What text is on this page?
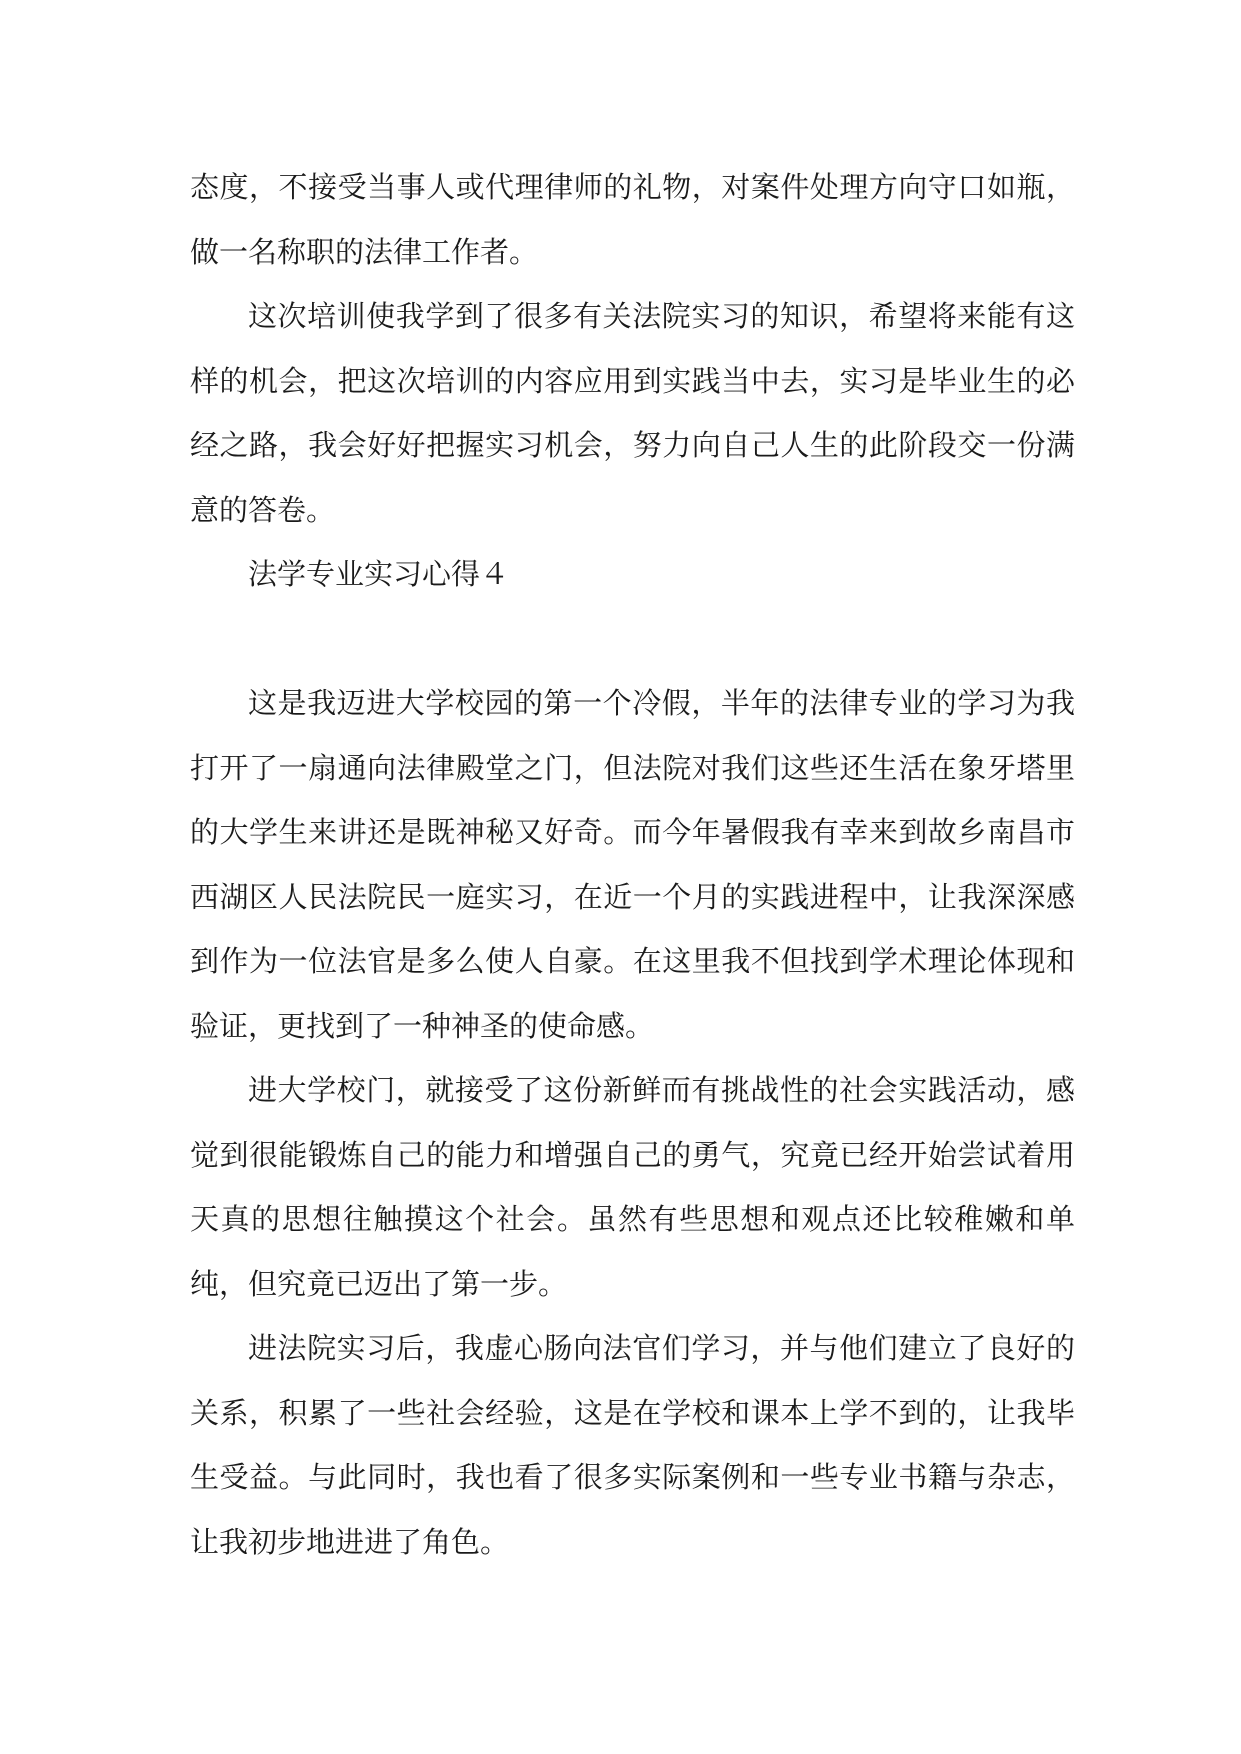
态度，不接受当事人或代理律师的礼物，对案件处理方向守口如瓶，做一名称职的法律工作者。

这次培训使我学到了很多有关法院实习的知识，希望将来能有这样的机会，把这次培训的内容应用到实践当中去，实习是毕业生的必经之路，我会好好把握实习机会，努力向自己人生的此阶段交一份满意的答卷。

法学专业实习心得４

这是我迈进大学校园的第一个冷假，半年的法律专业的学习为我打开了一扇通向法律殿堂之门，但法院对我们这些还生活在象牙塔里的大学生来讲还是既神秘又好奇。而今年暑假我有幸来到故乡南昌市西湖区人民法院民一庭实习，在近一个月的实践进程中，让我深深感到作为一位法官是多么使人自豪。在这里我不但找到学术理论体现和验证，更找到了一种神圣的使命感。

进大学校门，就接受了这份新鲜而有挑战性的社会实践活动，感觉到很能锻炼自己的能力和增强自己的勇气，究竟已经开始尝试着用天真的思想往触摸这个社会。虽然有些思想和观点还比较稚嫩和单纯，但究竟已迈出了第一步。

进法院实习后，我虚心肠向法官们学习，并与他们建立了良好的关系，积累了一些社会经验，这是在学校和课本上学不到的，让我毕生受益。与此同时，我也看了很多实际案例和一些专业书籍与杂志，让我初步地进进了角色。
